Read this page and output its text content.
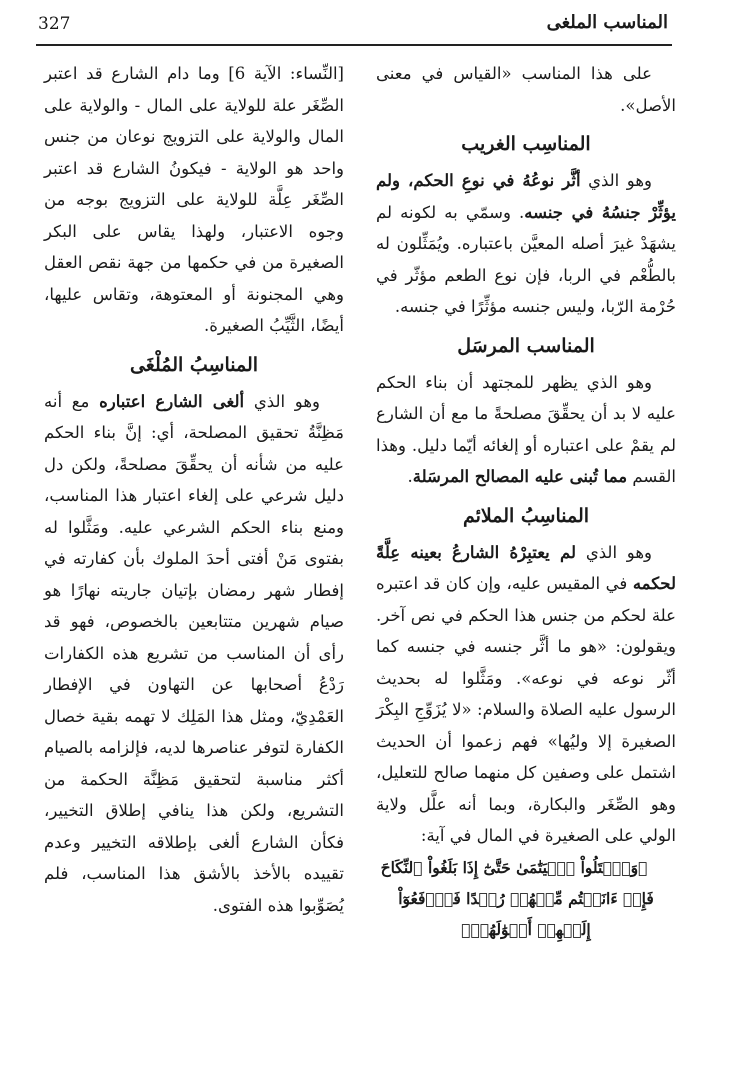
327	المناسب الملغى

على هذا المناسب «القياس في معنى الأصل».

المناسِب الغريب

وهو الذي أثَّر نوعُهُ في نوعِ الحكم، ولم يؤثِّرْ جنسُهُ في جنسه. وسمّي به لكونه لم يشهَدْ غيرَ أصله المعيَّن باعتباره. ويُمَثِّلون له بالطُّعْم في الربا، فإن نوع الطعم مؤثّر في حُرْمة الرّبا، وليس جنسه مؤثِّرًا في جنسه.

المناسب المرسَل

وهو الذي يظهر للمجتهد أن بناء الحكم عليه لا بد أن يحقِّقَ مصلحةً ما مع أن الشارع لم يقمْ على اعتباره أو إلغائه أيّما دليل. وهذا القسم مما تُبنى عليه المصالح المرسَلة.

المناسِبُ الملائم

وهو الذي لم يعتبِرْهُ الشارعُ بعينه عِلَّةً لحكمه في المقيس عليه، وإن كان قد اعتبره علة لحكم من جنس هذا الحكم في نص آخر. ويقولون: «هو ما أثَّر جنسه في جنسه كما أثّر نوعه في نوعه». ومَثَّلوا له بحديث الرسول عليه الصلاة والسلام: «لا يُزَوِّجِ البِكْرَ الصغيرة إلا وليُها» فهم زعموا أن الحديث اشتمل على وصفين كل منهما صالح للتعليل، وهو الصِّغَر والبكارة، وبما أنه علَّل ولاية الولي على الصغيرة في المال في آية:

﴿وَٱبۡتَلُواْ ٱلۡيَتَٰمَىٰ حَتَّىٰٓ إِذَا بَلَغُواْ ٱلنِّكَاحَ فَإِنۡ ءَانَسۡتُم مِّنۡهُمۡ رُشۡدًا فَٱدۡفَعُوٓاْ إِلَيۡهِمۡ أَمۡوَٰلَهُمۡ﴾

[النِّساء: الآية 6] وما دام الشارع قد اعتبر الصِّغَر علة للولاية على المال - والولاية على المال والولاية على التزويج نوعان من جنس واحد هو الولاية - فيكونُ الشارع قد اعتبر الصِّغَر عِلَّة للولاية على التزويج بوجه من وجوه الاعتبار، ولهذا يقاس على البكر الصغيرة من في حكمها من جهة نقص العقل وهي المجنونة أو المعتوهة، وتقاس عليها، أيضًا، الثَّيِّبُ الصغيرة.

المناسِبُ المُلْغَى

وهو الذي ألغى الشارع اعتباره مع أنه مَظِنَّةُ تحقيق المصلحة، أي: إنَّ بناء الحكم عليه من شأنه أن يحقِّقَ مصلحةً، ولكن دل دليل شرعي على إلغاء اعتبار هذا المناسب، ومنع بناء الحكم الشرعي عليه. ومَثَّلوا له بفتوى مَنْ أفتى أحدَ الملوك بأن كفارته في إفطار شهر رمضان بإتيان جاريته نهارًا هو صيام شهرين متتابعين بالخصوص، فهو قد رأى أن المناسب من تشريع هذه الكفارات رَدْعُ أصحابها عن التهاون في الإفطار العَمْدِيّ، ومثل هذا المَلِك لا تهمه بقية خصال الكفارة لتوفر عناصرها لديه، فإلزامه بالصيام أكثر مناسبة لتحقيق مَظِنَّة الحكمة من التشريع، ولكن هذا ينافي إطلاق التخيير، فكأن الشارع ألغى بإطلاقه التخيير وعدم تقييده بالأخذ بالأشق هذا المناسب، فلم يُصَوِّبوا هذه الفتوى.
